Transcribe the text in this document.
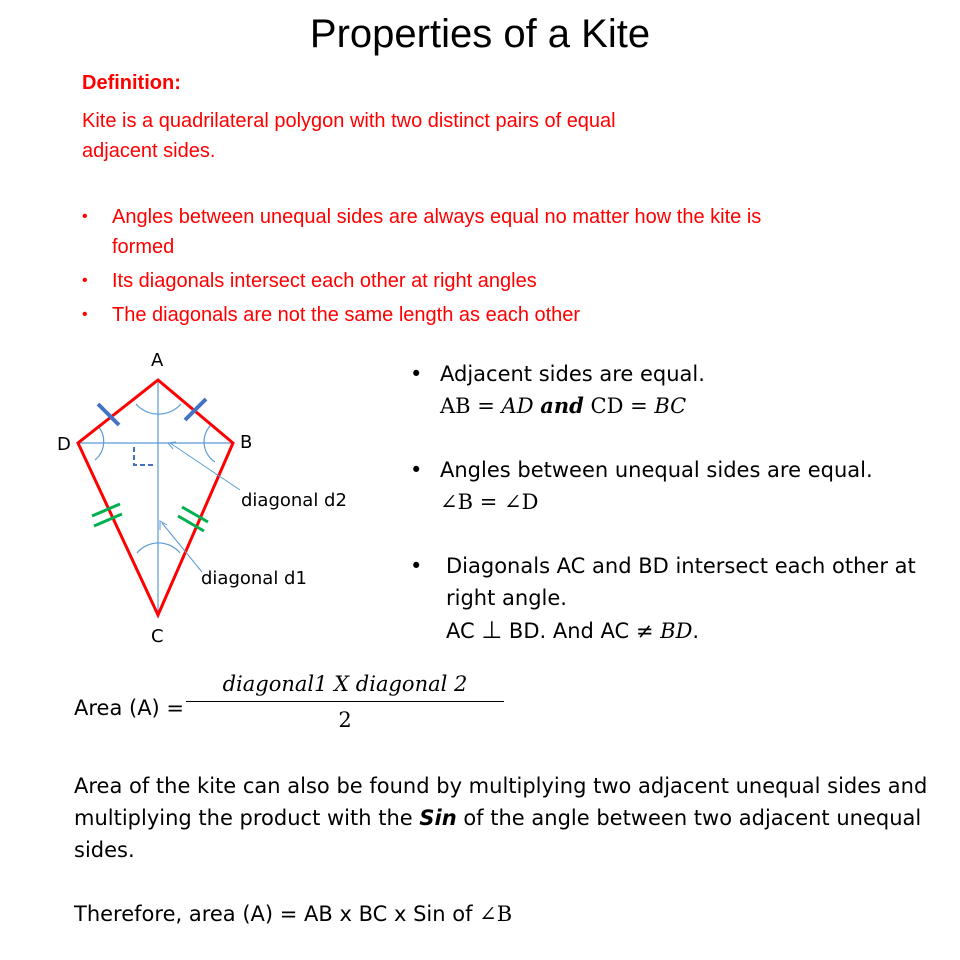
Properties of a Kite
Definition:
Kite is a quadrilateral polygon with two distinct pairs of equal
adjacent sides.
• Angles between unequal sides are always equal no matter how the kite is
formed
• Its diagonals intersect each other at right angles
• The diagonals are not the same length as each other
A
D	B
C
diagonal d2
diagonal d1
• Adjacent sides are equal.
AB = AD and CD = BC
• Angles between unequal sides are equal.
∠B = ∠D
• Diagonals AC and BD intersect each other at
right angle.
AC ⊥ BD. And AC ≠ BD.
Area (A) =
diagonal1 X diagonal 2
2
Area of the kite can also be found by multiplying two adjacent unequal sides and
multiplying the product with the Sin of the angle between two adjacent unequal
sides.
Therefore, area (A) = AB x BC x Sin of ∠B
